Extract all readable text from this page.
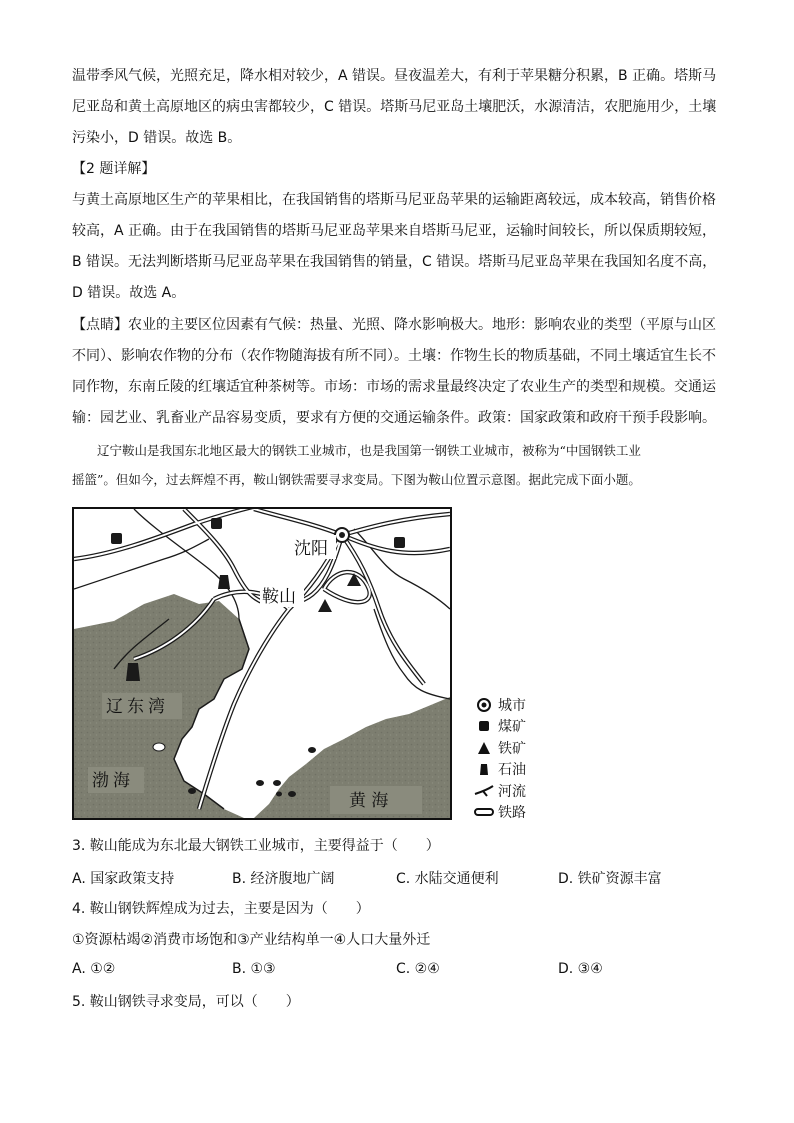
温带季风气候，光照充足，降水相对较少，A 错误。昼夜温差大，有利于苹果糖分积累，B 正确。塔斯马
尼亚岛和黄土高原地区的病虫害都较少，C 错误。塔斯马尼亚岛土壤肥沃，水源清洁，农肥施用少，土壤
污染小，D 错误。故选 B。
【2 题详解】
与黄土高原地区生产的苹果相比，在我国销售的塔斯马尼亚岛苹果的运输距离较远，成本较高，销售价格
较高，A 正确。由于在我国销售的塔斯马尼亚岛苹果来自塔斯马尼亚，运输时间较长，所以保质期较短，
B 错误。无法判断塔斯马尼亚岛苹果在我国销售的销量，C 错误。塔斯马尼亚岛苹果在我国知名度不高，
D 错误。故选 A。
【点睛】农业的主要区位因素有气候：热量、光照、降水影响极大。地形：影响农业的类型（平原与山区
不同）、影响农作物的分布（农作物随海拔有所不同）。土壤：作物生长的物质基础，不同土壤适宜生长不
同作物，东南丘陵的红壤适宜种茶树等。市场：市场的需求量最终决定了农业生产的类型和规模。交通运
输：园艺业、乳畜业产品容易变质，要求有方便的交通运输条件。政策：国家政策和政府干预手段影响。
　　辽宁鞍山是我国东北地区最大的钢铁工业城市，也是我国第一钢铁工业城市，被称为“中国钢铁工业
摇篮”。但如今，过去辉煌不再，鞍山钢铁需要寻求变局。下图为鞍山位置示意图。据此完成下面小题。
沈阳
鞍山
辽东湾
渤海
黄 海
城市
煤矿
铁矿
石油
河流
铁路

3. 鞍山能成为东北最大钢铁工业城市，主要得益于（　　）

A. 国家政策支持	B. 经济腹地广阔	C. 水陆交通便利	D. 铁矿资源丰富

4. 鞍山钢铁辉煌成为过去，主要是因为（　　）

①资源枯竭②消费市场饱和③产业结构单一④人口大量外迁

A. ①②	B. ①③	C. ②④	D. ③④

5. 鞍山钢铁寻求变局，可以（　　）
